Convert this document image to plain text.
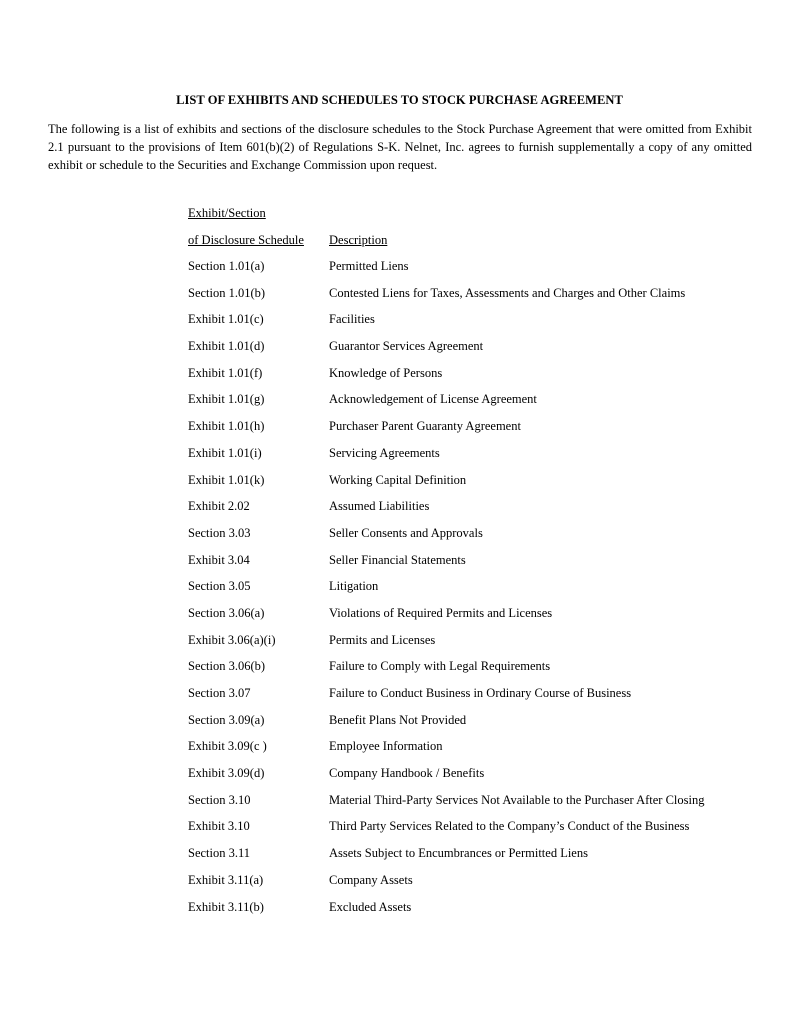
LIST OF EXHIBITS AND SCHEDULES TO STOCK PURCHASE AGREEMENT

The following is a list of exhibits and sections of the disclosure schedules to the Stock Purchase Agreement that were omitted from Exhibit 2.1 pursuant to the provisions of Item 601(b)(2) of Regulations S-K. Nelnet, Inc. agrees to furnish supplementally a copy of any omitted exhibit or schedule to the Securities and Exchange Commission upon request.

Exhibit/Section
of Disclosure Schedule Description
Section 1.01(a)	Permitted Liens
Section 1.01(b)	Contested Liens for Taxes, Assessments and Charges and Other Claims
Exhibit 1.01(c)	Facilities
Exhibit 1.01(d)	Guarantor Services Agreement
Exhibit 1.01(f)	Knowledge of Persons
Exhibit 1.01(g)	Acknowledgement of License Agreement
Exhibit 1.01(h)	Purchaser Parent Guaranty Agreement
Exhibit 1.01(i)	Servicing Agreements
Exhibit 1.01(k)	Working Capital Definition
Exhibit 2.02	Assumed Liabilities
Section 3.03	Seller Consents and Approvals
Exhibit 3.04	Seller Financial Statements
Section 3.05	Litigation
Section 3.06(a)	Violations of Required Permits and Licenses
Exhibit 3.06(a)(i)	Permits and Licenses
Section 3.06(b)	Failure to Comply with Legal Requirements
Section 3.07	Failure to Conduct Business in Ordinary Course of Business
Section 3.09(a)	Benefit Plans Not Provided
Exhibit 3.09(c )	Employee Information
Exhibit 3.09(d)	Company Handbook / Benefits
Section 3.10	Material Third-Party Services Not Available to the Purchaser After Closing
Exhibit 3.10	Third Party Services Related to the Company’s Conduct of the Business
Section 3.11	Assets Subject to Encumbrances or Permitted Liens
Exhibit 3.11(a)	Company Assets
Exhibit 3.11(b)	Excluded Assets
